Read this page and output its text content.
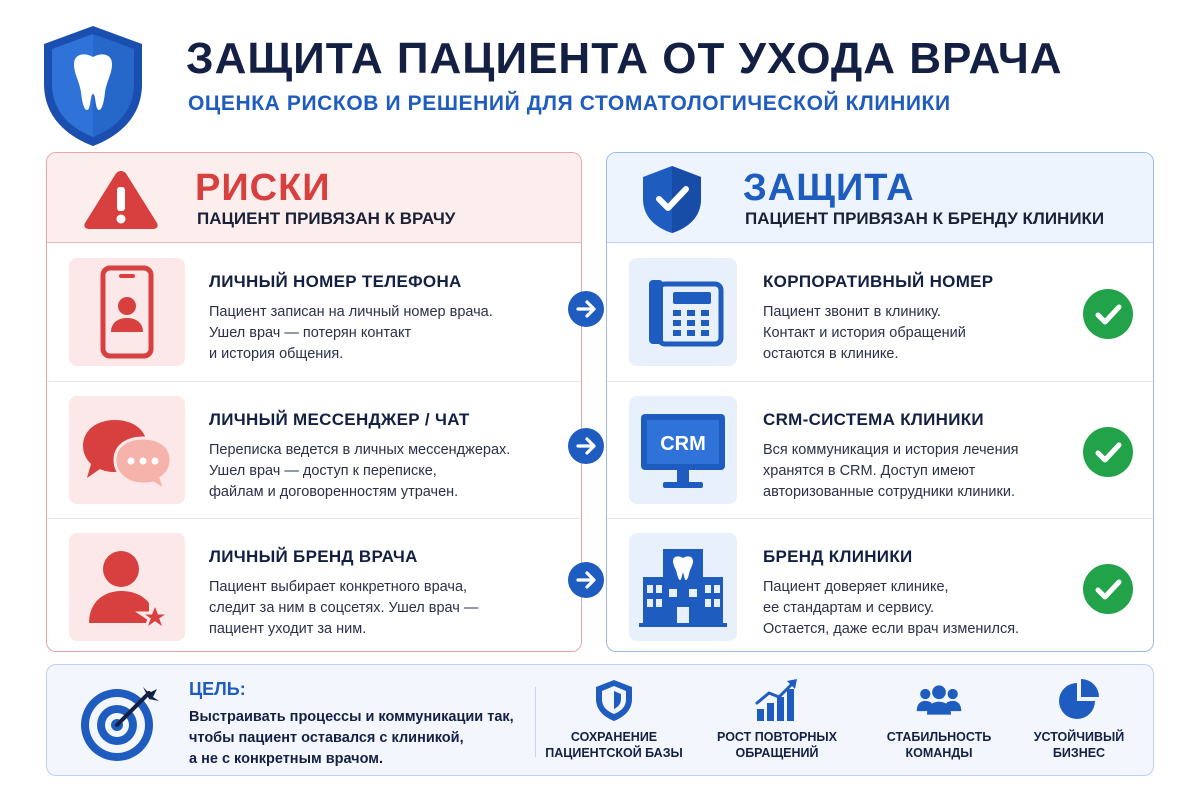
ЗАЩИТА ПАЦИЕНТА ОТ УХОДА ВРАЧА
ОЦЕНКА РИСКОВ И РЕШЕНИЙ ДЛЯ СТОМАТОЛОГИЧЕСКОЙ КЛИНИКИ
РИСКИ
ПАЦИЕНТ ПРИВЯЗАН К ВРАЧУ
ЛИЧНЫЙ НОМЕР ТЕЛЕФОНА
Пациент записан на личный номер врача.
Ушел врач — потерян контакт
и история общения.
ЛИЧНЫЙ МЕССЕНДЖЕР / ЧАТ
Переписка ведется в личных мессенджерах.
Ушел врач — доступ к переписке,
файлам и договоренностям утрачен.
ЛИЧНЫЙ БРЕНД ВРАЧА
Пациент выбирает конкретного врача,
следит за ним в соцсетях. Ушел врач —
пациент уходит за ним.
ЗАЩИТА
ПАЦИЕНТ ПРИВЯЗАН К БРЕНДУ КЛИНИКИ
КОРПОРАТИВНЫЙ НОМЕР
Пациент звонит в клинику.
Контакт и история обращений
остаются в клинике.
CRM
CRM-СИСТЕМА КЛИНИКИ
Вся коммуникация и история лечения
хранятся в CRM. Доступ имеют
авторизованные сотрудники клиники.
БРЕНД КЛИНИКИ
Пациент доверяет клинике,
ее стандартам и сервису.
Остается, даже если врач изменился.
ЦЕЛЬ:
Выстраивать процессы и коммуникации так,
чтобы пациент оставался с клиникой,
а не с конкретным врачом.
СОХРАНЕНИЕ
ПАЦИЕНТСКОЙ БАЗЫ
РОСТ ПОВТОРНЫХ
ОБРАЩЕНИЙ
СТАБИЛЬНОСТЬ
КОМАНДЫ
УСТОЙЧИВЫЙ
БИЗНЕС
